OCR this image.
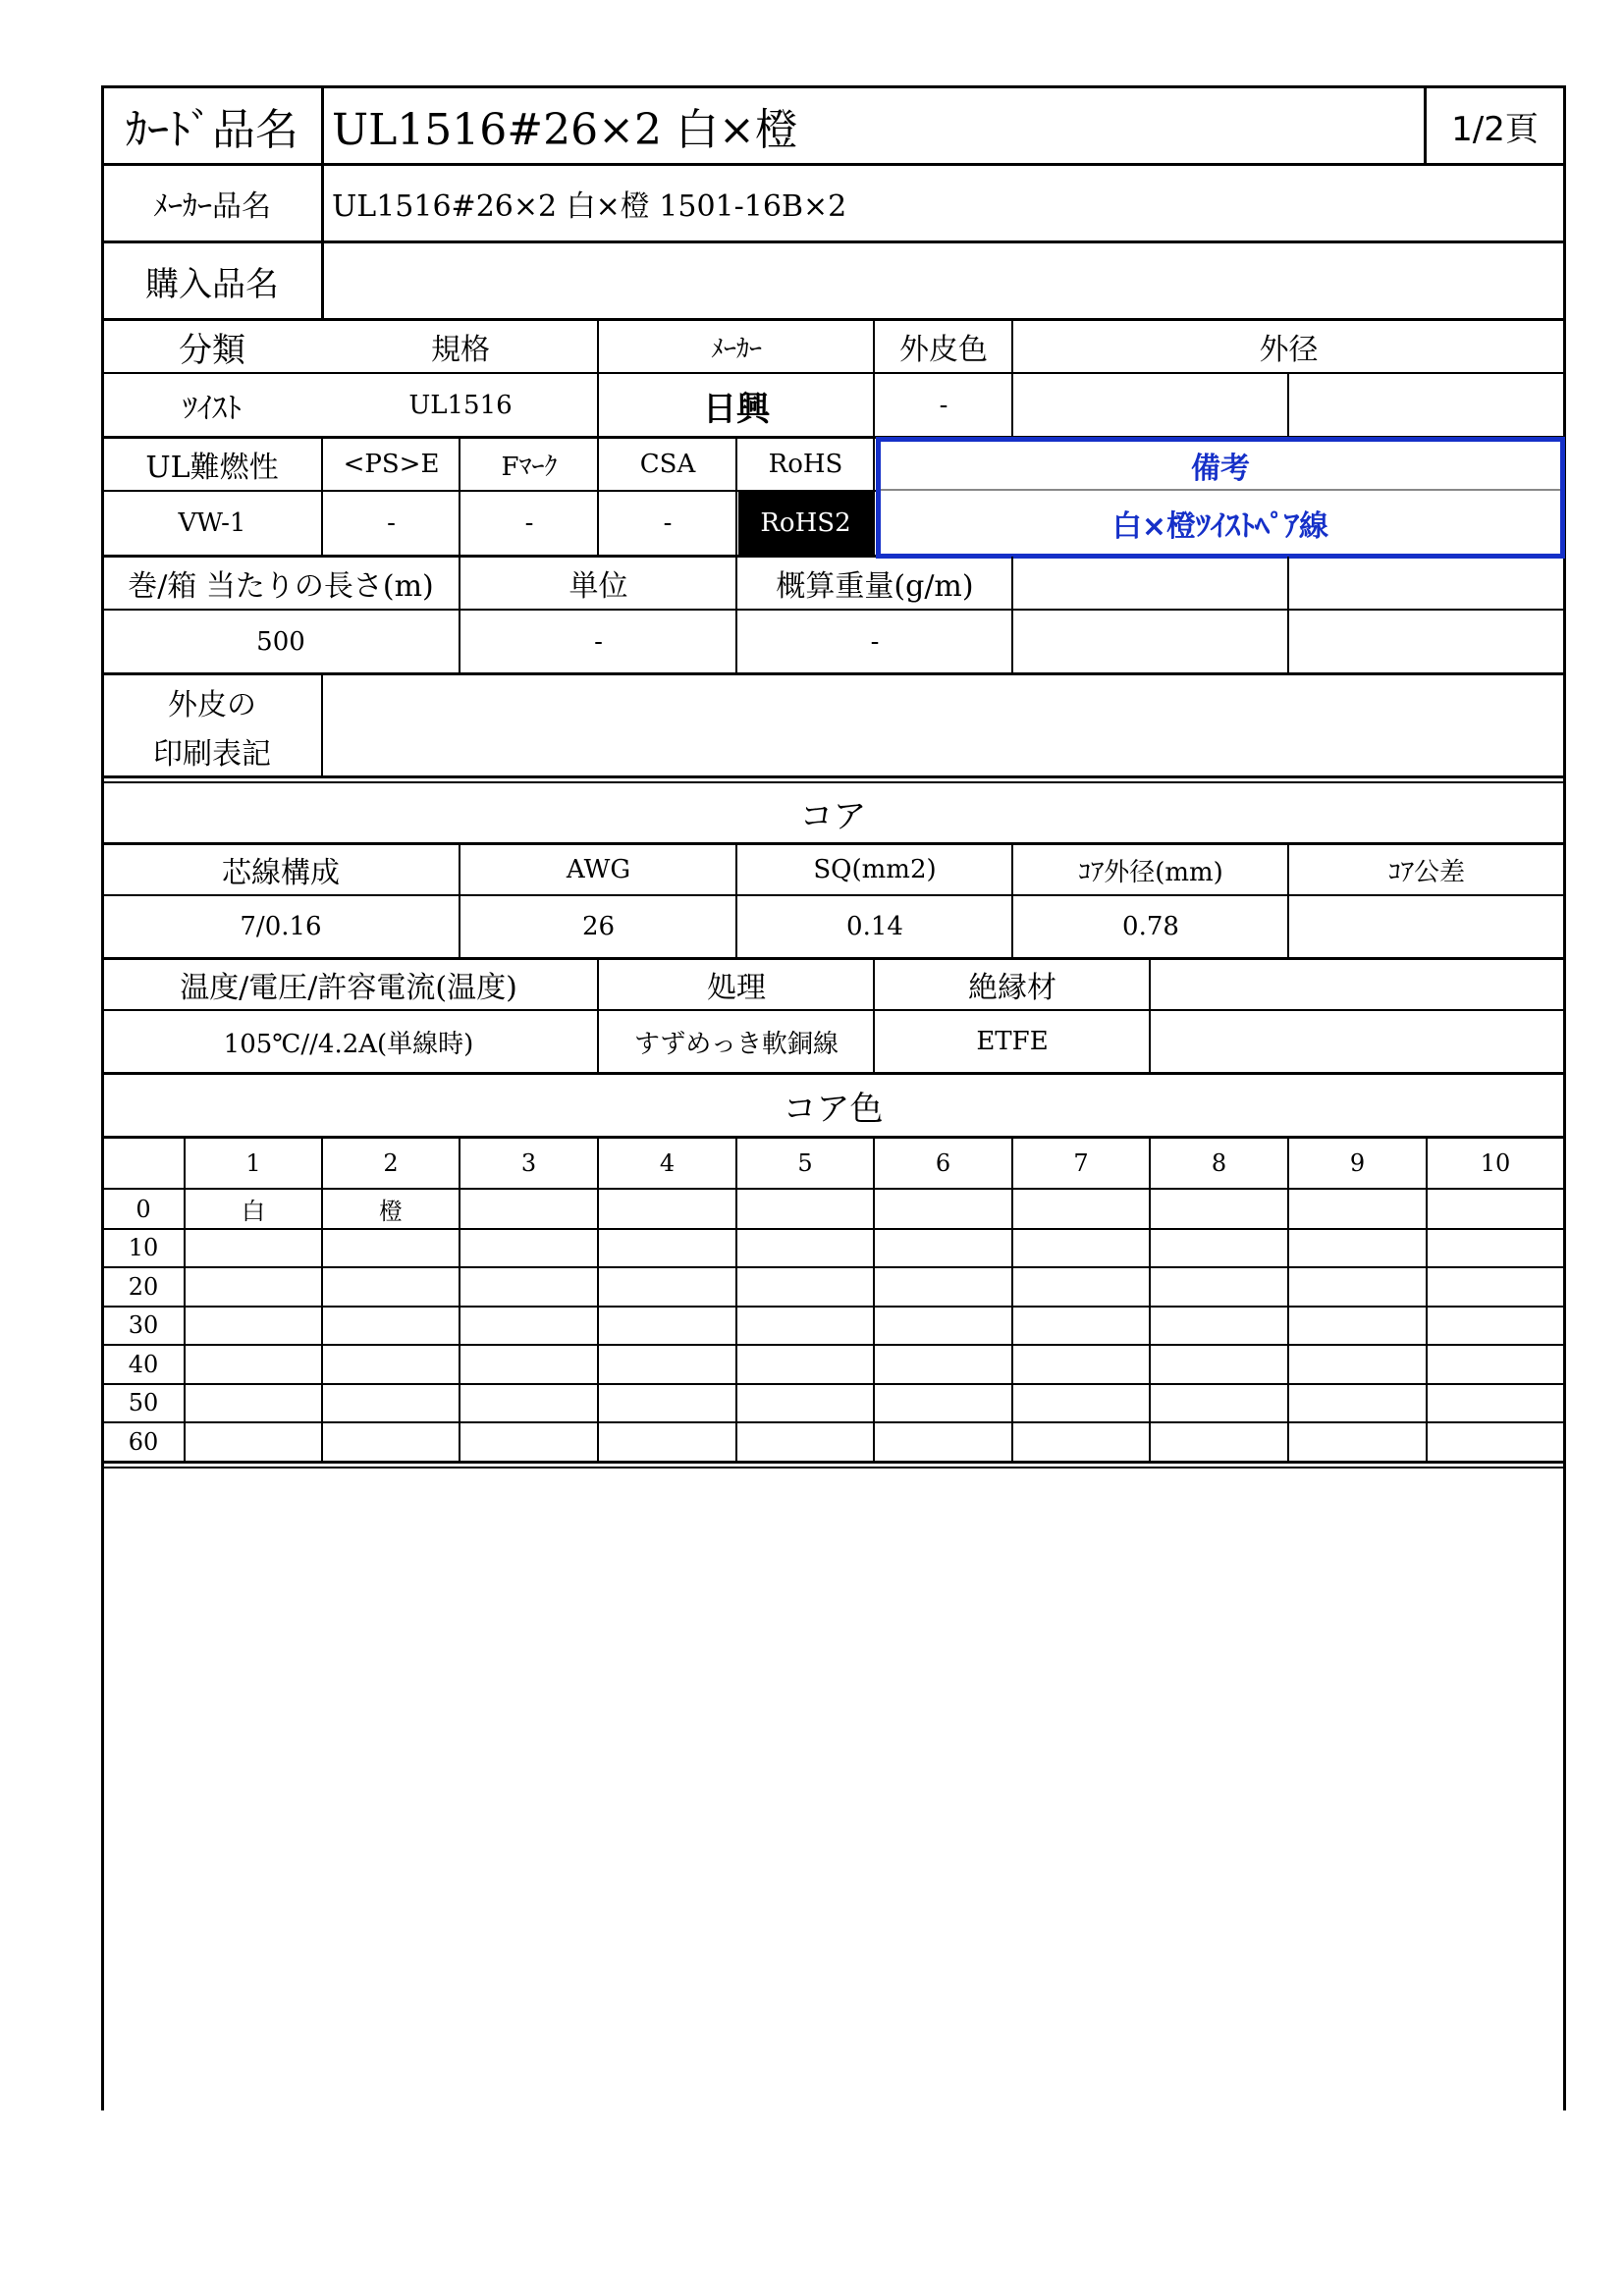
ｶｰﾄﾞ品名 UL1516#26×2 白×橙	1/2頁
ﾒｰｶｰ品名	UL1516#26×2 白×橙 1501-16B×2
購入品名
分類	規格	ﾒｰｶｰ	外皮色	外径
ﾂｲｽﾄ	UL1516	日興	-
UL難燃性	<PS>E	Fﾏｰｸ	CSA	RoHS
VW-1	-	-	-	RoHS2
備考
白×橙ﾂｲｽﾄﾍﾟｱ線
巻/箱 当たりの長さ(m)	単位	概算重量(g/m)
500	-	-
外皮の
印刷表記
コア
芯線構成	AWG	SQ(mm2)	ｺｱ外径(mm)	ｺｱ公差
7/0.16	26	0.14	0.78
温度/電圧/許容電流(温度)	処理	絶縁材
105℃//4.2A(単線時)	すずめっき軟銅線	ETFE
コア色
1	2	3	4	5	6	7	8	9	10
0	白	橙
10
20
30
40
50
60
